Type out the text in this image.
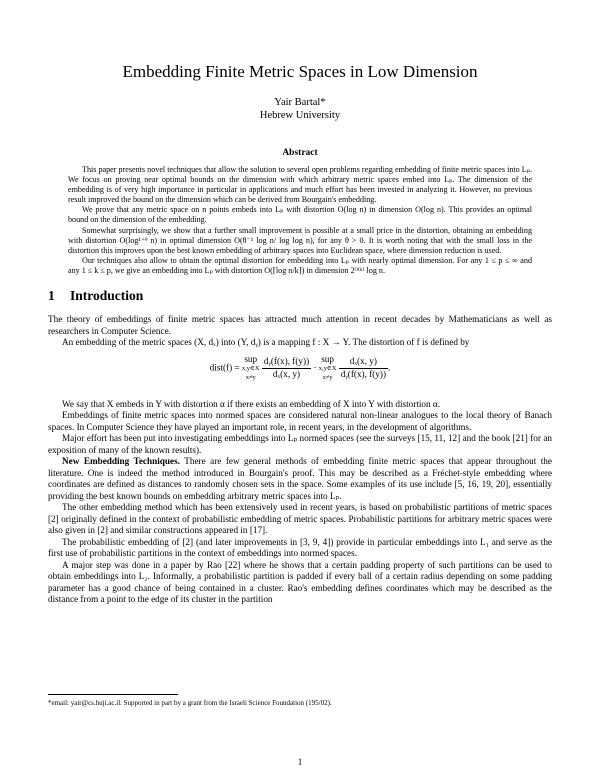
Embedding Finite Metric Spaces in Low Dimension
Yair Bartal*
Hebrew University
Abstract

This paper presents novel techniques that allow the solution to several open problems regarding embedding of finite metric spaces into Lₚ. We focus on proving near optimal bounds on the dimension with which arbitrary metric spaces embed into Lₚ. The dimension of the embedding is of very high importance in particular in applications and much effort has been invested in analyzing it. However, no previous result improved the bound on the dimension which can be derived from Bourgain's embedding.

We prove that any metric space on n points embeds into Lₚ with distortion O(log n) in dimension O(log n). This provides an optimal bound on the dimension of the embedding.

Somewhat surprisingly, we show that a further small improvement is possible at a small price in the distortion, obtaining an embedding with distortion O(log¹⁺ᶿ n) in optimal dimension O(θ⁻¹ log n/ log log n), for any θ > 0. It is worth noting that with the small loss in the distortion this improves upon the best known embedding of arbitrary spaces into Euclidean space, where dimension reduction is used.

Our techniques also allow to obtain the optimal distortion for embedding into Lₚ with nearly optimal dimension. For any 1 ≤ p ≤ ∞ and any 1 ≤ k ≤ p, we give an embedding into Lₚ with distortion O(⌈log n/k⌉) in dimension 2ᴼ⁽ᵏ⁾ log n.

1 Introduction

The theory of embeddings of finite metric spaces has attracted much attention in recent decades by Mathematicians as well as researchers in Computer Science.

An embedding of the metric spaces (X, dₓ) into (Y, dᵧ) is a mapping f : X → Y. The distortion of f is defined by

dist(f) =
sup
x,y∈X
x≠y
$\frac{\text{dᵧ(f(x), f(y))}}{\text{dₓ(x, y)}}$ ·
sup
x,y∈X
x≠y
$\frac{\text{dₓ(x, y)}}{\text{dᵧ(f(x), f(y))}}$ .

We say that X embeds in Y with distortion α if there exists an embedding of X into Y with distortion α.

Embeddings of finite metric spaces into normed spaces are considered natural non-linear analogues to the local theory of Banach spaces. In Computer Science they have played an important role, in recent years, in the development of algorithms.

Major effort has been put into investigating embeddings into Lₚ normed spaces (see the surveys [15, 11, 12] and the book [21] for an exposition of many of the known results).

New Embedding Techniques. There are few general methods of embedding finite metric spaces that appear throughout the literature. One is indeed the method introduced in Bourgain's proof. This may be described as a Fréchet-style embedding where coordinates are defined as distances to randomly chosen sets in the space. Some examples of its use include [5, 16, 19, 20], essentially providing the best known bounds on embedding arbitrary metric spaces into Lₚ.

The other embedding method which has been extensively used in recent years, is based on probabilistic partitions of metric spaces [2] originally defined in the context of probabilistic embedding of metric spaces. Probabilistic partitions for arbitrary metric spaces were also given in [2] and similar constructions appeared in [17].

The probabilistic embedding of [2] (and later improvements in [3, 9, 4]) provide in particular embeddings into L₁ and serve as the first use of probabilistic partitions in the context of embeddings into normed spaces.

A major step was done in a paper by Rao [22] where he shows that a certain padding property of such partitions can be used to obtain embeddings into L₂. Informally, a probabilistic partition is padded if every ball of a certain radius depending on some padding parameter has a good chance of being contained in a cluster. Rao's embedding defines coordinates which may be described as the distance from a point to the edge of its cluster in the partition

*email: yair@cs.huji.ac.il. Supported in part by a grant from the Israeli Science Foundation (195/02).
1
